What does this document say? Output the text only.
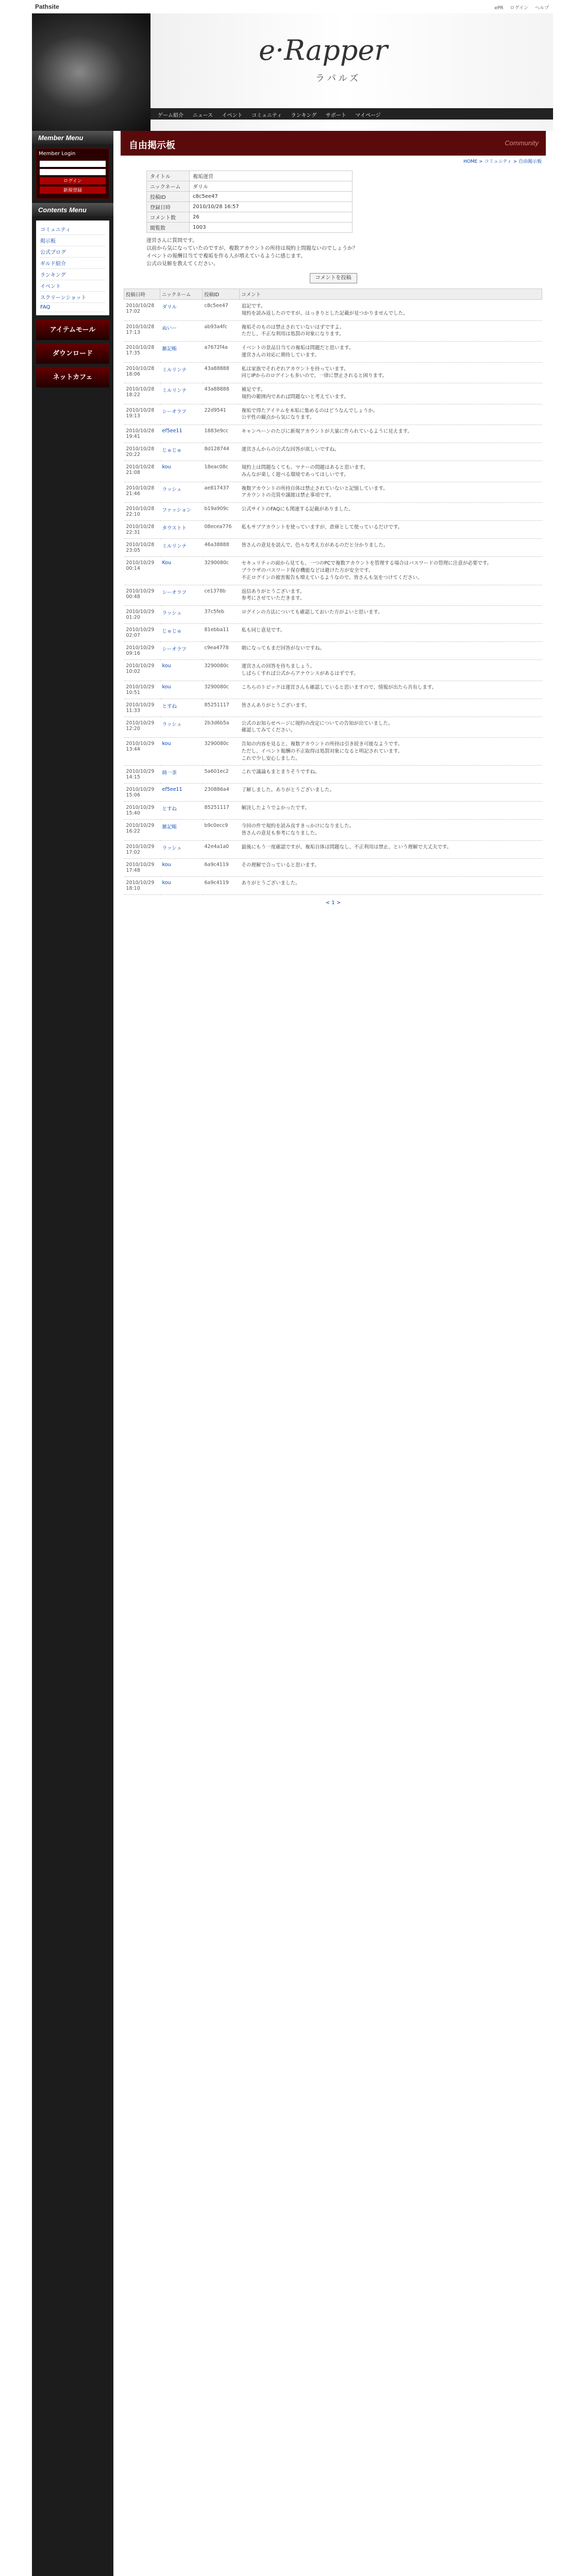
Pathsite	ePR ログイン ヘルプ
e·Rapper
ラパルズ
ゲーム紹介 ニュース イベント コミュニティ ランキング サポート マイページ
Member Menu
Member Login
ログイン
新規登録
Contents Menu
コミュニティ
掲示板
公式ブログ
ギルド紹介
ランキング
イベント
スクリーンショット
FAQ
アイテムモール
ダウンロード
ネットカフェ
自由掲示板	Community
HOME > コミュニティ > 自由掲示板
タイトル	複垢運営
ニックネーム	ダリル
投稿ID	c8c5ee47
登録日時	2010/10/28 16:57
コメント数	26
閲覧数	1003
運営さんに質問です。
以前から気になっていたのですが、複数アカウントの所持は規約上問題ないのでしょうか？
イベントの報酬目当てで複垢を作る人が増えているように感じます。
公式の見解を教えてください。
コメントを投稿
投稿日時	ニックネーム	投稿ID	コメント
2010/10/28 17:02	ダリル	c8c5ee47	追記です。
規約を読み返したのですが、はっきりとした記載が見つかりませんでした。
2010/10/28 17:13	ぬいー	ab93a4fc	複垢そのものは禁止されていないはずですよ。
ただし、不正な利用は処罰の対象になります。
2010/10/28 17:35	雑記帳	a7672f4a	イベントの景品目当ての複垢は問題だと思います。
運営さんの対応に期待しています。
2010/10/28 18:06	ミルリンナ	43a88888	私は家族でそれぞれアカウントを持っています。
同じIPからのログインも多いので、一律に禁止されると困ります。
2010/10/28 18:22	ミルリンナ	43a88888	補足です。
規約の範囲内であれば問題ないと考えています。
2010/10/28 19:13	シーオラフ	22d9541	複垢で得たアイテムを本垢に集めるのはどうなんでしょうか。
公平性の観点から気になります。
2010/10/28 19:41	ef5ee11	1883e9cc	キャンペーンのたびに新規アカウントが大量に作られているように見えます。
2010/10/28 20:22	じゅじゅ	8d128744	運営さんからの公式な回答が欲しいですね。
2010/10/28 21:08	kou	18eac08c	規約上は問題なくても、マナーの問題はあると思います。
みんなが楽しく遊べる環境であってほしいです。
2010/10/28 21:46	ラッシュ	ae817437	複数アカウントの所持自体は禁止されていないと記憶しています。
アカウントの売買や譲渡は禁止事項です。
2010/10/28 22:10	ファッション	b19a909c	公式サイトのFAQにも関連する記載がありました。
2010/10/28 22:31	タウストト	08ecea776	私もサブアカウントを使っていますが、倉庫として使っているだけです。
2010/10/28 23:05	ミルリンナ	46a38888	皆さんの意見を読んで、色々な考え方があるのだと分かりました。
2010/10/29 00:14	Kou	3290080c	セキュリティの面から見ても、一つのPCで複数アカウントを管理する場合はパスワードの管理に注意が必要です。
ブラウザのパスワード保存機能などは避けた方が安全です。
不正ログインの被害報告も増えているようなので、皆さんも気をつけてください。
2010/10/29 00:48	シーオラフ	ce1378b	返信ありがとうございます。
参考にさせていただきます。
2010/10/29 01:20	ラッシュ	37c5feb	ログインの方法についても確認しておいた方がよいと思います。
2010/10/29 02:07	じゅじゅ	81ebba11	私も同じ意見です。
2010/10/29 09:16	シーオラフ	c9ea4778	朝になってもまだ回答がないですね。
2010/10/29 10:02	kou	3290080c	運営さんの回答を待ちましょう。
しばらくすれば公式からアナウンスがあるはずです。
2010/10/29 10:51	kou	3290080c	こちらのトピックは運営さんも確認していると思いますので、情報が出たら共有します。
2010/10/29 11:33	とすね	85251117	皆さんありがとうございます。
2010/10/29 12:20	ラッシュ	2b3d6b5a	公式のお知らせページに規約の改定についての告知が出ていました。
確認してみてください。
2010/10/29 13:44	kou	3290080c	告知の内容を見ると、複数アカウントの所持は引き続き可能なようです。
ただし、イベント報酬の不正取得は処罰対象になると明記されています。
これで少し安心しました。
2010/10/29 14:15	綺一茶	5a601ec2	これで議論もまとまりそうですね。
2010/10/29 15:06	ef5ee11	230886a4	了解しました。ありがとうございました。
2010/10/29 15:40	とすね	85251117	解決したようでよかったです。
2010/10/29 16:22	雑記帳	b9c0ecc9	今回の件で規約を読み直すきっかけになりました。
皆さんの意見も参考になりました。
2010/10/29 17:02	ラッシュ	42e4a1a0	最後にもう一度確認ですが、複垢自体は問題なし、不正利用は禁止、という理解で大丈夫です。
2010/10/29 17:48	kou	6a9c4119	その理解で合っていると思います。
2010/10/29 18:10	kou	6a9c4119	ありがとうございました。
< 1 >
